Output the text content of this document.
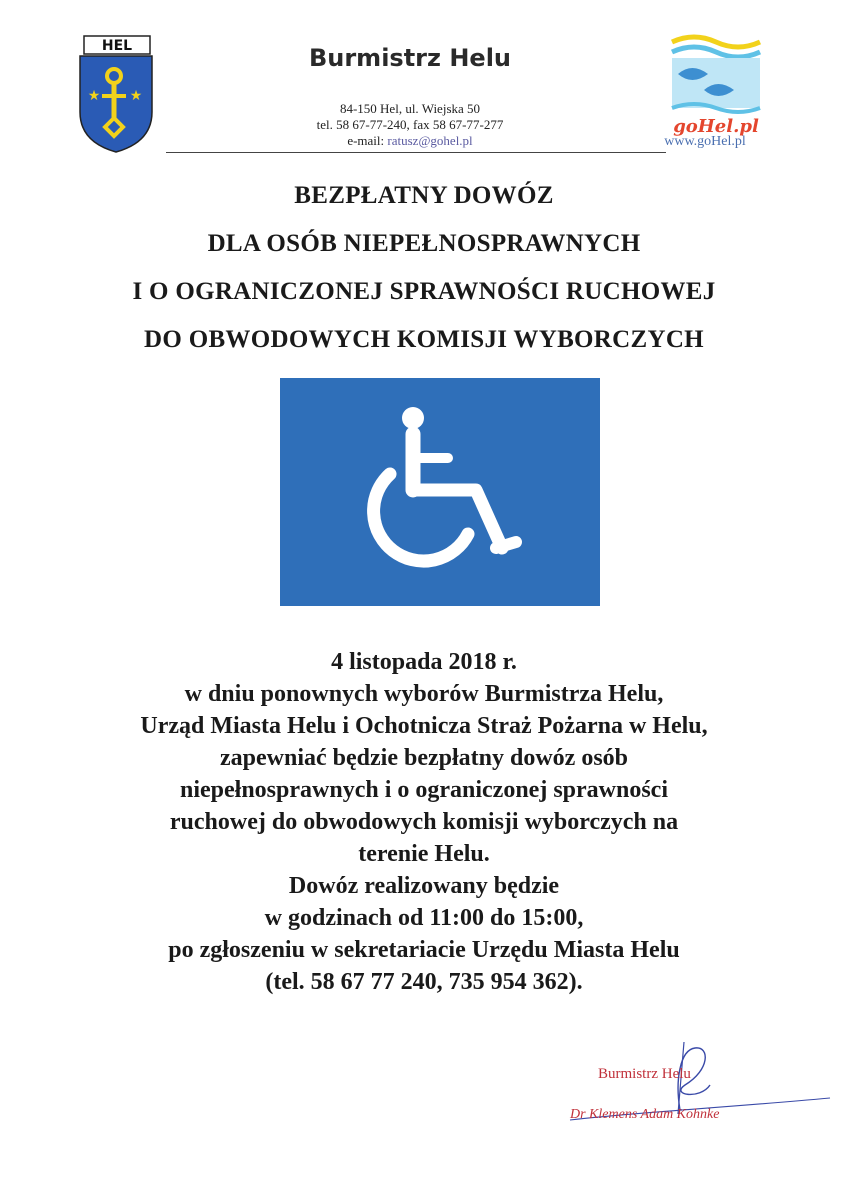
HEL
★ ★
Burmistrz Helu
84-150 Hel, ul. Wiejska 50
tel. 58 67-77-240, fax 58 67-77-277
e-mail: ratusz@gohel.pl
goHel.pl
www.goHel.pl
BEZPŁATNY DOWÓZ
DLA OSÓB NIEPEŁNOSPRAWNYCH
I O OGRANICZONEJ SPRAWNOŚCI RUCHOWEJ
DO OBWODOWYCH KOMISJI WYBORCZYCH
4 listopada 2018 r.
w dniu ponownych wyborów Burmistrza Helu,
Urząd Miasta Helu i Ochotnicza Straż Pożarna w Helu,
zapewniać będzie bezpłatny dowóz osób
niepełnosprawnych i o ograniczonej sprawności
ruchowej do obwodowych komisji wyborczych na
terenie Helu.
Dowóz realizowany będzie
w godzinach od 11:00 do 15:00,
po zgłoszeniu w sekretariacie Urzędu Miasta Helu
(tel. 58 67 77 240, 735 954 362).
Burmistrz Helu
Dr Klemens Adam Kohnke
